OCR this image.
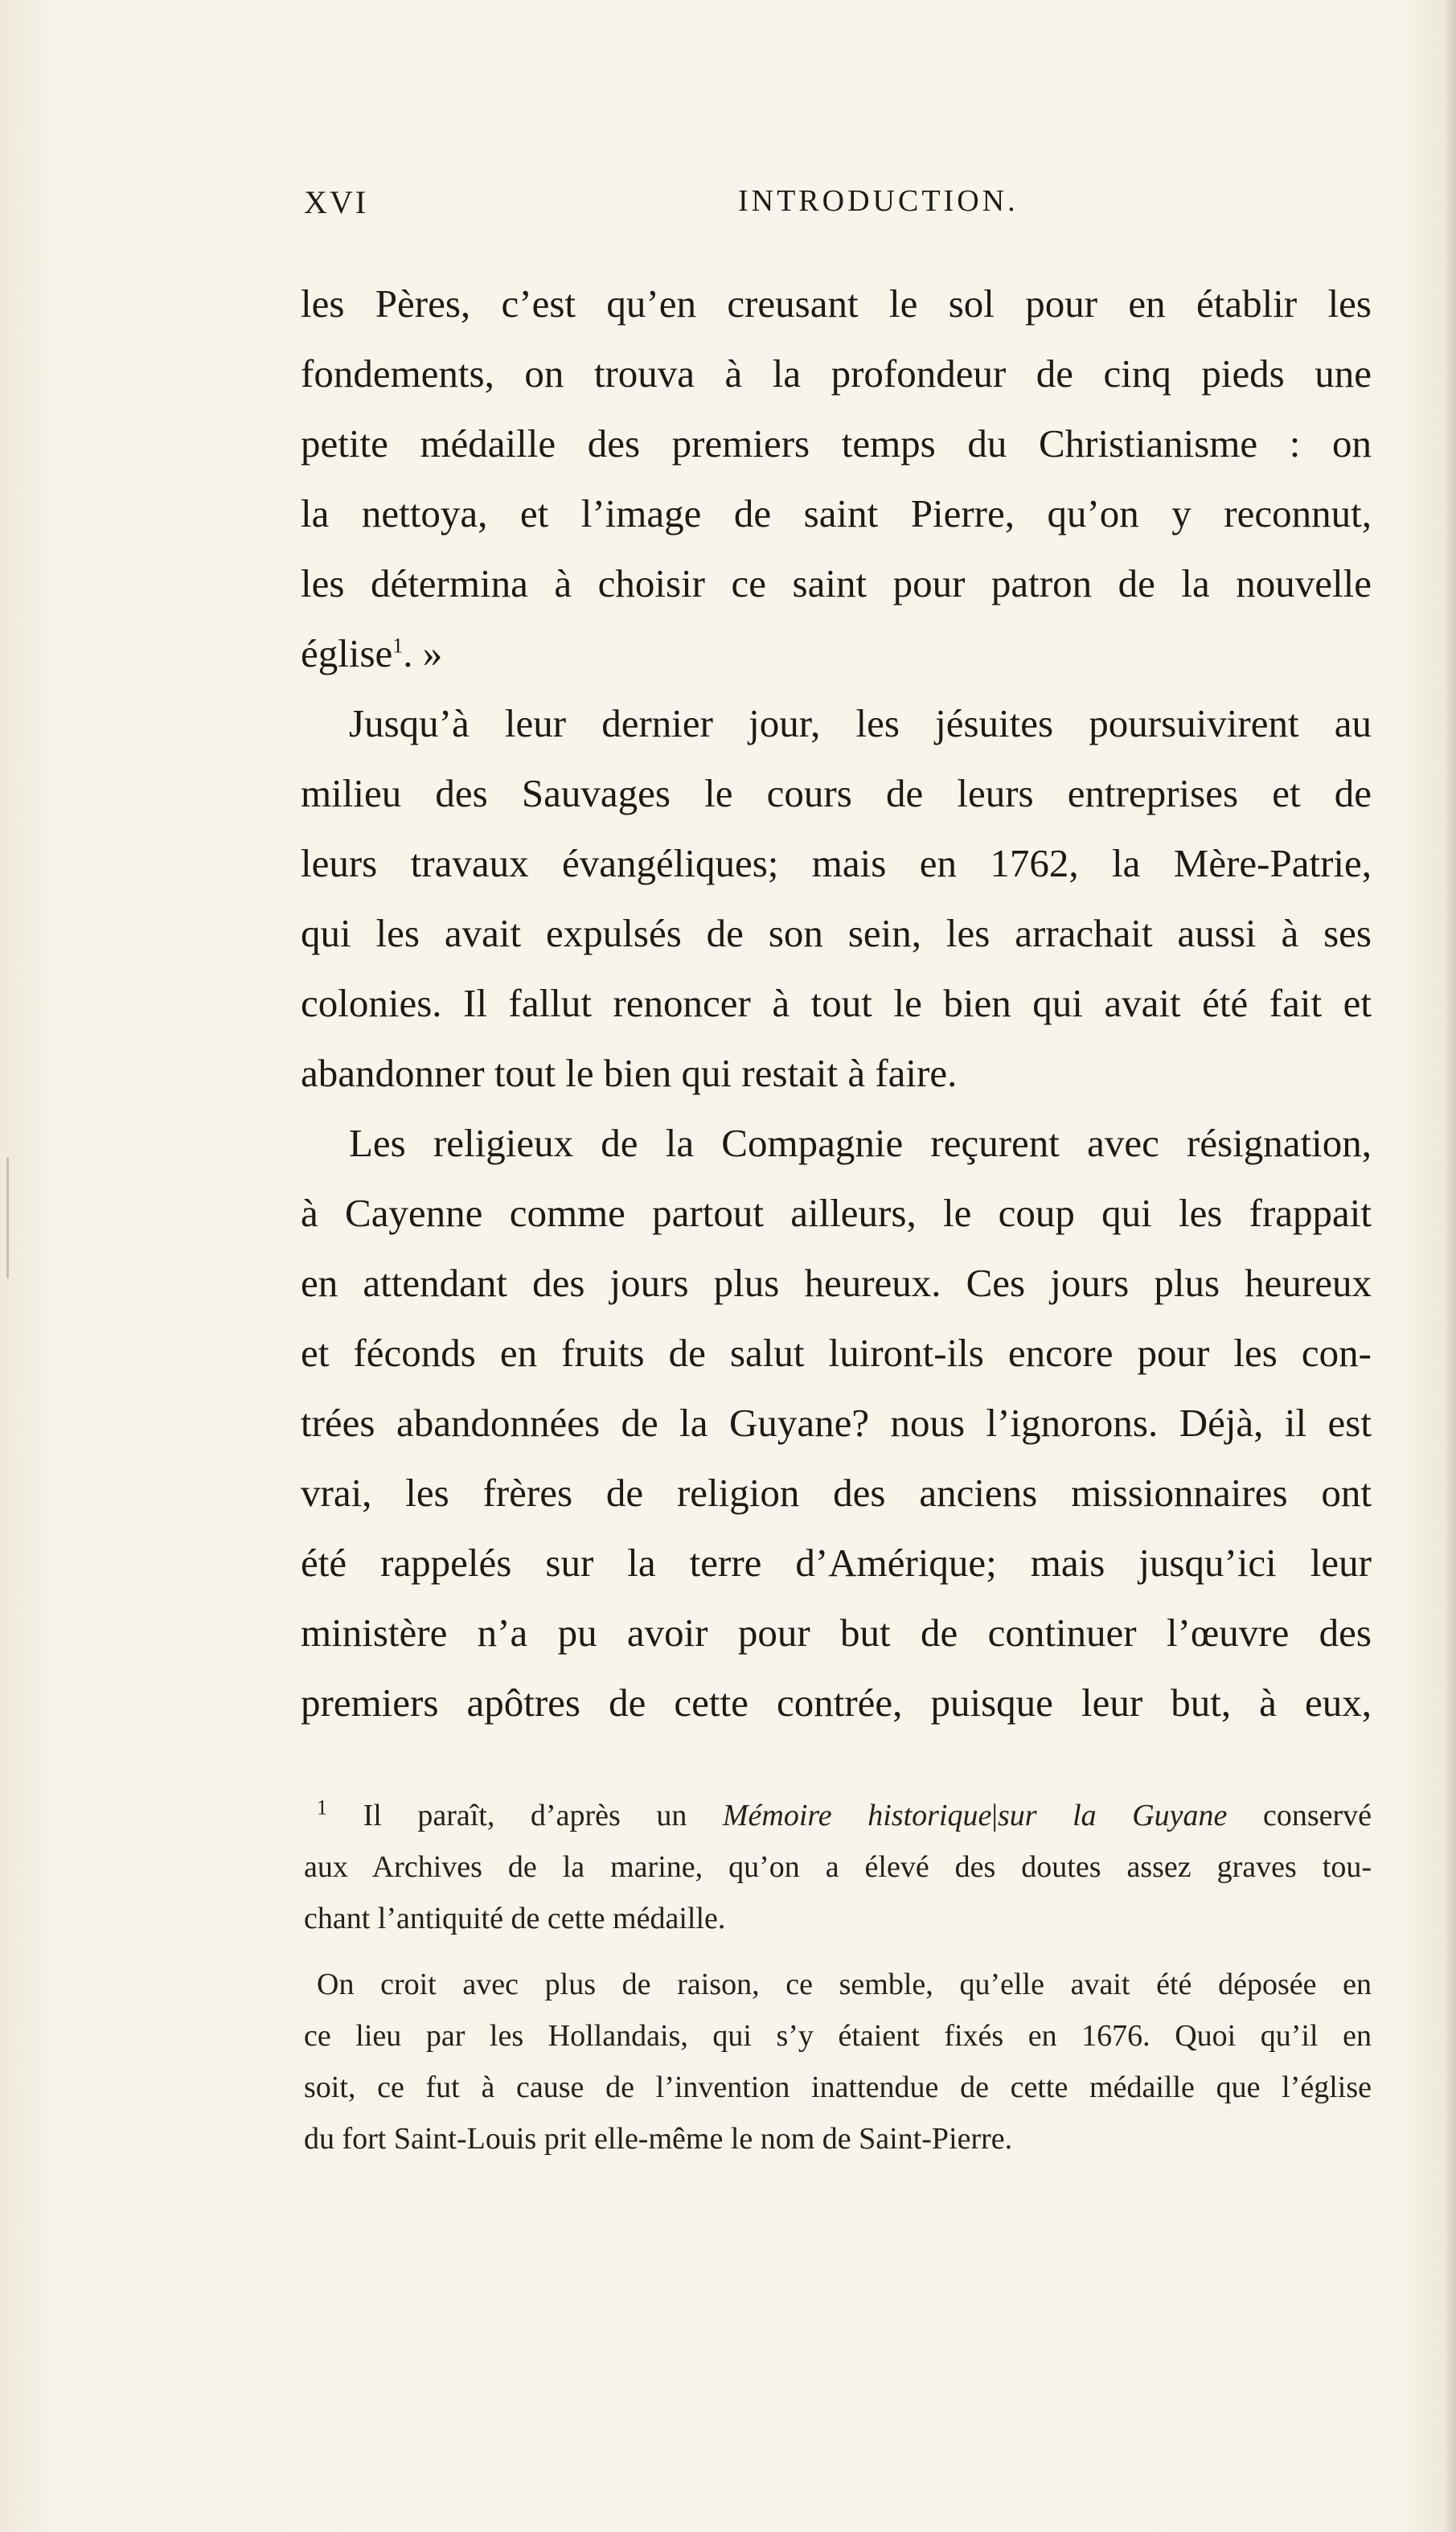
XVI	INTRODUCTION.
les Pères, c’est qu’en creusant le sol pour en établir les
fondements, on trouva à la profondeur de cinq pieds une
petite médaille des premiers temps du Christianisme : on
la nettoya, et l’image de saint Pierre, qu’on y reconnut,
les détermina à choisir ce saint pour patron de la nouvelle
église$^1$. »
Jusqu’à leur dernier jour, les jésuites poursuivirent au
milieu des Sauvages le cours de leurs entreprises et de
leurs travaux évangéliques; mais en 1762, la Mère-Patrie,
qui les avait expulsés de son sein, les arrachait aussi à ses
colonies. Il fallut renoncer à tout le bien qui avait été fait et
abandonner tout le bien qui restait à faire.
Les religieux de la Compagnie reçurent avec résignation,
à Cayenne comme partout ailleurs, le coup qui les frappait
en attendant des jours plus heureux. Ces jours plus heureux
et féconds en fruits de salut luiront-ils encore pour les con-
trées abandonnées de la Guyane? nous l’ignorons. Déjà, il est
vrai, les frères de religion des anciens missionnaires ont
été rappelés sur la terre d’Amérique; mais jusqu’ici leur
ministère n’a pu avoir pour but de continuer l’œuvre des
premiers apôtres de cette contrée, puisque leur but, à eux,
$^1$ Il paraît, d’après un Mémoire historique|sur la Guyane conservé
aux Archives de la marine, qu’on a élevé des doutes assez graves tou-
chant l’antiquité de cette médaille.
On croit avec plus de raison, ce semble, qu’elle avait été déposée en
ce lieu par les Hollandais, qui s’y étaient fixés en 1676. Quoi qu’il en
soit, ce fut à cause de l’invention inattendue de cette médaille que l’église
du fort Saint-Louis prit elle-même le nom de Saint-Pierre.
